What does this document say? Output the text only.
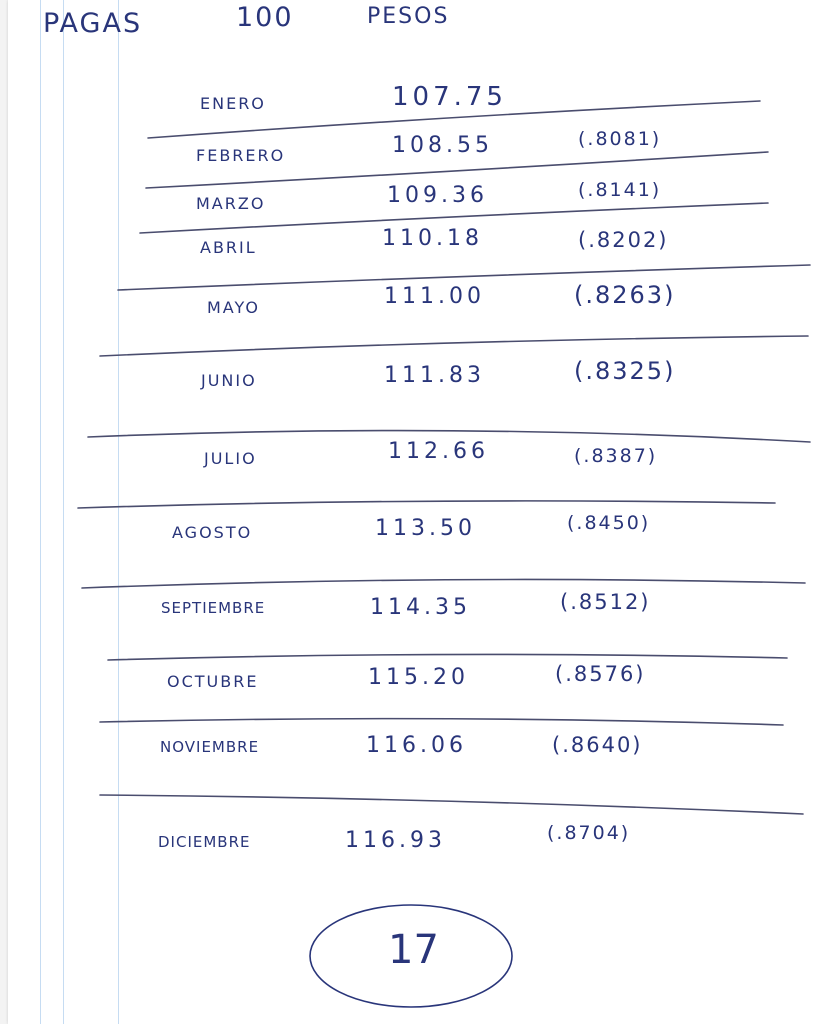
PAGAS	100	PESOS
ENERO	107.75
FEBRERO	108.55	(.8081)
MARZO	109.36	(.8141)
ABRIL	110.18	(.8202)
MAYO	111.00	(.8263)
JUNIO	111.83	(.8325)
JULIO	112.66	(.8387)
AGOSTO	113.50	(.8450)
SEPTIEMBRE	114.35	(.8512)
OCTUBRE	115.20	(.8576)
NOVIEMBRE	116.06	(.8640)
DICIEMBRE	116.93	(.8704)
17
